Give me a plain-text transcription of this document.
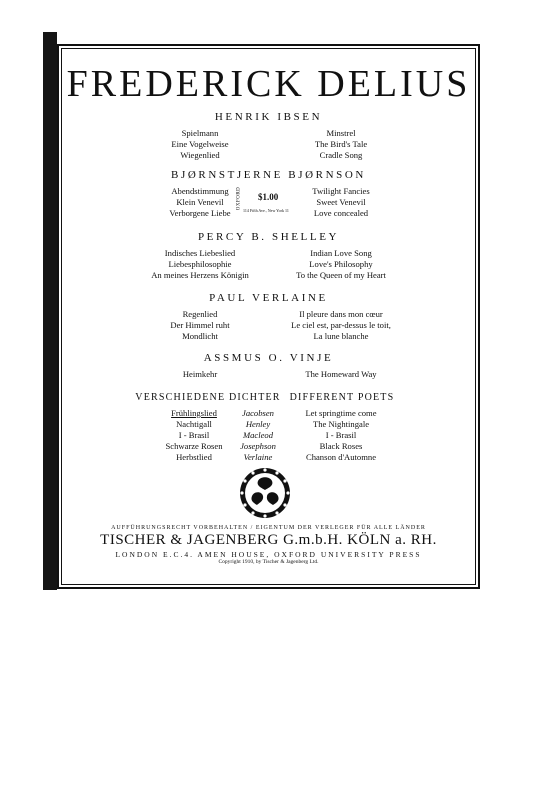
FREDERICK DELIUS
HENRIK IBSEN
Spielmann
Eine Vogelweise
Wiegenlied
Minstrel
The Bird's Tale
Cradle Song
BJØRNSTJERNE BJØRNSON
Abendstimmung
Klein Venevil
Verborgene Liebe
OXFORD $1.00
114 Fifth Ave., New York 11
Twilight Fancies
Sweet Venevil
Love concealed
PERCY B. SHELLEY
Indisches Liebeslied
Liebesphilosophie
An meines Herzens Königin
Indian Love Song
Love's Philosophy
To the Queen of my Heart
PAUL VERLAINE
Regenlied
Der Himmel ruht
Mondlicht
Il pleure dans mon cœur
Le ciel est, par-dessus le toit,
La lune blanche
ASSMUS O. VINJE
Heimkehr	The Homeward Way
VERSCHIEDENE DICHTER DIFFERENT POETS
Frühlingslied
Nachtigall
I - Brasil
Schwarze Rosen
Herbstlied
Jacobsen
Henley
Macleod
Josephson
Verlaine
Let springtime come
The Nightingale
I - Brasil
Black Roses
Chanson d'Automne
AUFFÜHRUNGSRECHT VORBEHALTEN / EIGENTUM DER VERLEGER FÜR ALLE LÄNDER
TISCHER & JAGENBERG G.m.b.H. KÖLN a. RH.
LONDON E.C.4. AMEN HOUSE, OXFORD UNIVERSITY PRESS
Copyright 1910, by Tischer & Jagenberg Ltd.
